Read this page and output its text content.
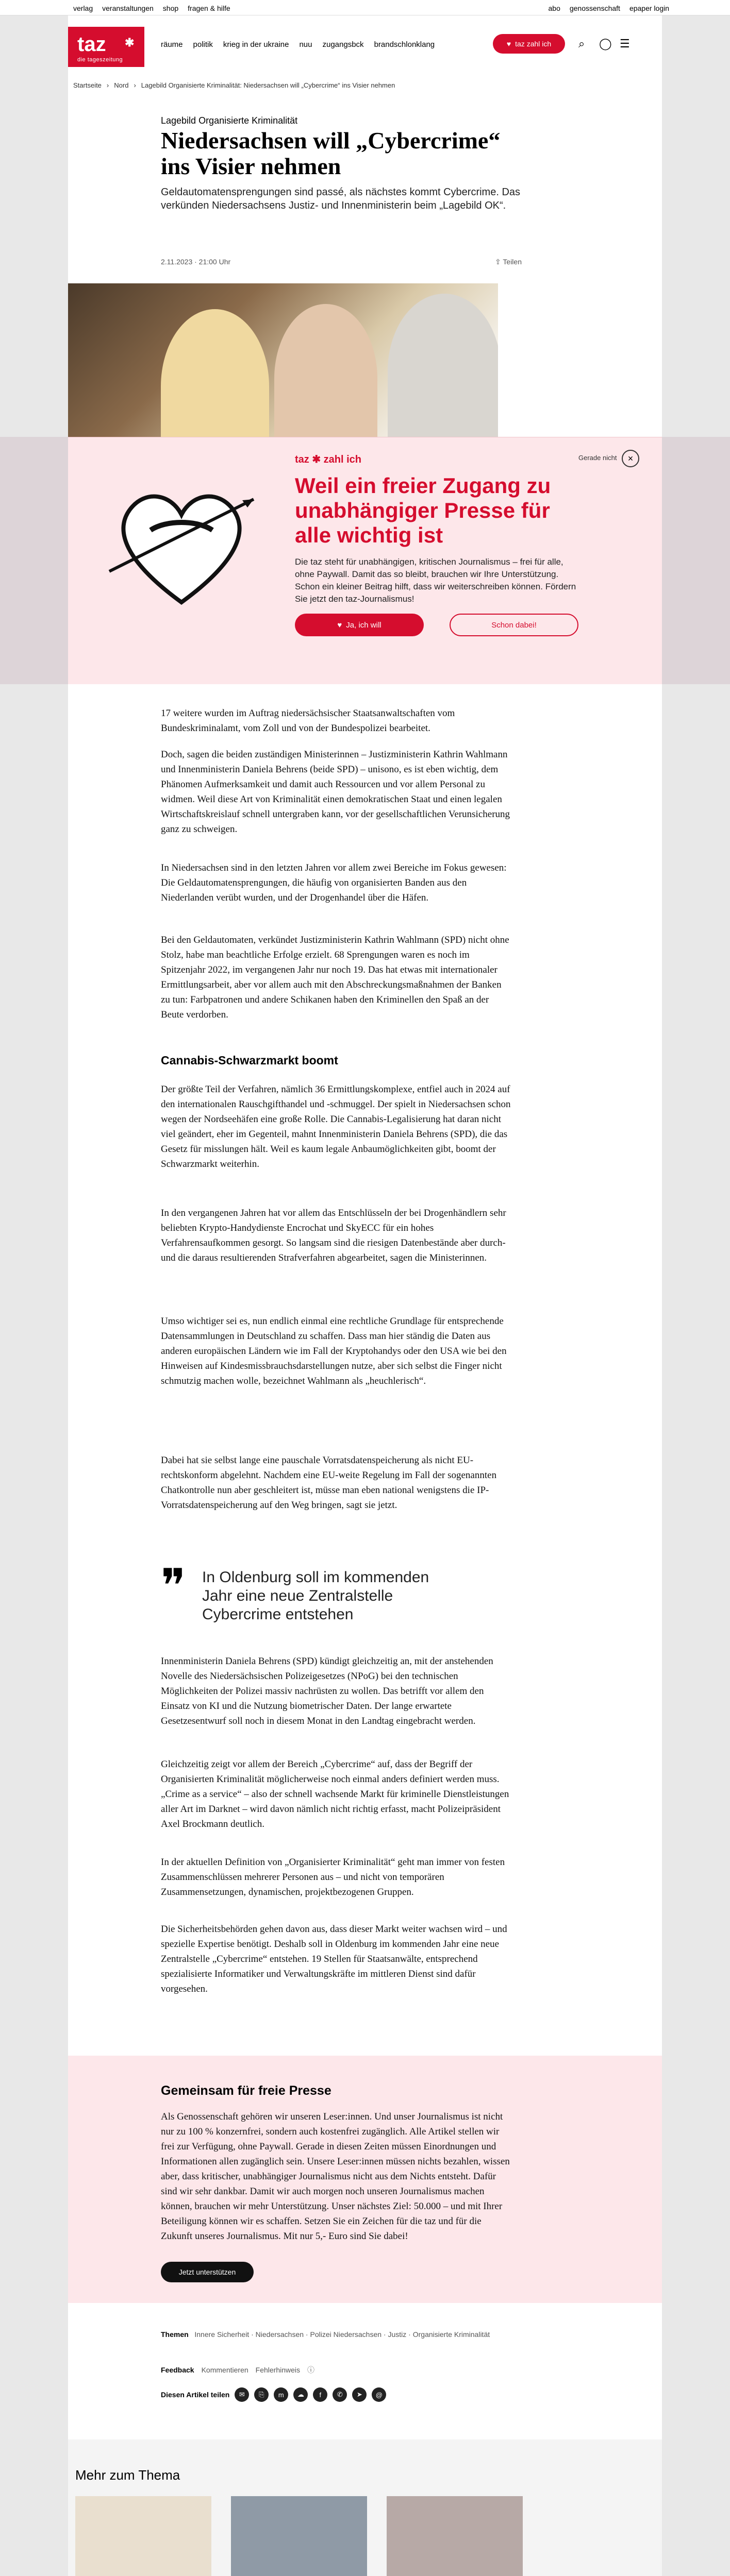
verlag veranstaltungen shop fragen & hilfe	abo genossenschaft epaper login
taz ✱
die tageszeitung
räume politik krieg in der ukraine nuu zugangsbck brandschlonklang	♥ taz zahl ich ⌕ ◯ ☰
Startseite › Nord › Lagebild Organisierte Kriminalität: Niedersachsen will „Cybercrime“ ins Visier nehmen
Lagebild Organisierte Kriminalität
Niedersachsen will „Cybercrime“ ins Visier nehmen
Geldautomatensprengungen sind passé, als nächstes kommt Cybercrime. Das verkünden Niedersachsens Justiz- und Innenministerin beim „Lagebild OK“.
2.11.2023 · 21:00 Uhr	⇪ Teilen

17 weitere wurden im Auftrag niedersächsischer Staatsanwaltschaften vom Bundeskriminalamt, vom Zoll und von der Bundespolizei bearbeitet.

Doch, sagen die beiden zuständigen Ministerinnen – Justizministerin Kathrin Wahlmann und Innenministerin Daniela Behrens (beide SPD) – unisono, es ist eben wichtig, dem Phänomen Aufmerksamkeit und damit auch Ressourcen und vor allem Personal zu widmen. Weil diese Art von Kriminalität einen demokratischen Staat und einen legalen Wirtschaftskreislauf schnell untergraben kann, vor der gesellschaftlichen Verunsicherung ganz zu schweigen.

In Niedersachsen sind in den letzten Jahren vor allem zwei Bereiche im Fokus gewesen: Die Geldautomatensprengungen, die häufig von organisierten Banden aus den Niederlanden verübt wurden, und der Drogenhandel über die Häfen.

Bei den Geldautomaten, verkündet Justizministerin Kathrin Wahlmann (SPD) nicht ohne Stolz, habe man beachtliche Erfolge erzielt. 68 Sprengungen waren es noch im Spitzenjahr 2022, im vergangenen Jahr nur noch 19. Das hat etwas mit internationaler Ermittlungsarbeit, aber vor allem auch mit den Abschreckungsmaßnahmen der Banken zu tun: Farbpatronen und andere Schikanen haben den Kriminellen den Spaß an der Beute verdorben.

Cannabis-Schwarzmarkt boomt

Der größte Teil der Verfahren, nämlich 36 Ermittlungskomplexe, entfiel auch in 2024 auf den internationalen Rauschgifthandel und -schmuggel. Der spielt in Niedersachsen schon wegen der Nordseehäfen eine große Rolle. Die Cannabis-Legalisierung hat daran nicht viel geändert, eher im Gegenteil, mahnt Innenministerin Daniela Behrens (SPD), die das Gesetz für misslungen hält. Weil es kaum legale Anbaumöglichkeiten gibt, boomt der Schwarzmarkt weiterhin.

In den vergangenen Jahren hat vor allem das Entschlüsseln der bei Drogenhändlern sehr beliebten Krypto-Handydienste Encrochat und SkyECC für ein hohes Verfahrensaufkommen gesorgt. So langsam sind die riesigen Datenbestände aber durch- und die daraus resultierenden Strafverfahren abgearbeitet, sagen die Ministerinnen.

Umso wichtiger sei es, nun endlich einmal eine rechtliche Grundlage für entsprechende Datensammlungen in Deutschland zu schaffen. Dass man hier ständig die Daten aus anderen europäischen Ländern wie im Fall der Kryptohandys oder den USA wie bei den Hinweisen auf Kindesmissbrauchsdarstellungen nutze, aber sich selbst die Finger nicht schmutzig machen wolle, bezeichnet Wahlmann als „heuchlerisch“.

Dabei hat sie selbst lange eine pauschale Vorratsdatenspeicherung als nicht EU-rechtskonform abgelehnt. Nachdem eine EU-weite Regelung im Fall der sogenannten Chatkontrolle nun aber geschleitert ist, müsse man eben national wenigstens die IP-Vorratsdatenspeicherung auf den Weg bringen, sagt sie jetzt.

❞ In Oldenburg soll im kommenden Jahr eine neue Zentralstelle Cybercrime entstehen

Innenministerin Daniela Behrens (SPD) kündigt gleichzeitig an, mit der anstehenden Novelle des Niedersächsischen Polizeigesetzes (NPoG) bei den technischen Möglichkeiten der Polizei massiv nachrüsten zu wollen. Das betrifft vor allem den Einsatz von KI und die Nutzung biometrischer Daten. Der lange erwartete Gesetzesentwurf soll noch in diesem Monat in den Landtag eingebracht werden.

Gleichzeitig zeigt vor allem der Bereich „Cybercrime“ auf, dass der Begriff der Organisierten Kriminalität möglicherweise noch einmal anders definiert werden muss. „Crime as a service“ – also der schnell wachsende Markt für kriminelle Dienstleistungen aller Art im Darknet – wird davon nämlich nicht richtig erfasst, macht Polizeipräsident Axel Brockmann deutlich.

In der aktuellen Definition von „Organisierter Kriminalität“ geht man immer von festen Zusammenschlüssen mehrerer Personen aus – und nicht von temporären Zusammensetzungen, dynamischen, projektbezogenen Gruppen.

Die Sicherheitsbehörden gehen davon aus, dass dieser Markt weiter wachsen wird – und spezielle Expertise benötigt. Deshalb soll in Oldenburg im kommenden Jahr eine neue Zentralstelle „Cybercrime“ entstehen. 19 Stellen für Staatsanwälte, entsprechend spezialisierte Informatiker und Verwaltungskräfte im mittleren Dienst sind dafür vorgesehen.

Gemeinsam für freie Presse

Als Genossenschaft gehören wir unseren Leser:innen. Und unser Journalismus ist nicht nur zu 100 % konzernfrei, sondern auch kostenfrei zugänglich. Alle Artikel stellen wir frei zur Verfügung, ohne Paywall. Gerade in diesen Zeiten müssen Einordnungen und Informationen allen zugänglich sein. Unsere Leser:innen müssen nichts bezahlen, wissen aber, dass kritischer, unabhängiger Journalismus nicht aus dem Nichts entsteht. Dafür sind wir sehr dankbar. Damit wir auch morgen noch unseren Journalismus machen können, brauchen wir mehr Unterstützung. Unser nächstes Ziel: 50.000 – und mit Ihrer Beteiligung können wir es schaffen. Setzen Sie ein Zeichen für die taz und für die Zukunft unseres Journalismus. Mit nur 5,- Euro sind Sie dabei!

Jetzt unterstützen
Themen Innere Sicherheit · Niedersachsen · Polizei Niedersachsen · Justiz · Organisierte Kriminalität
Feedback Kommentieren Fehlerhinweis ⓘ
Diesen Artikel teilen	✉	⎘	m	☁	f	✆	➤	@
Mehr zum Thema

taz ✱ zahl ich	Gerade nicht	×
Weil ein freier Zugang zu unabhängiger Presse für alle wichtig ist

Die taz steht für unabhängigen, kritischen Journalismus – frei für alle, ohne Paywall. Damit das so bleibt, brauchen wir Ihre Unterstützung. Schon ein kleiner Beitrag hilft, dass wir weiterschreiben können. Fördern Sie jetzt den taz-Journalismus!

♥ Ja, ich will	Schon dabei!
